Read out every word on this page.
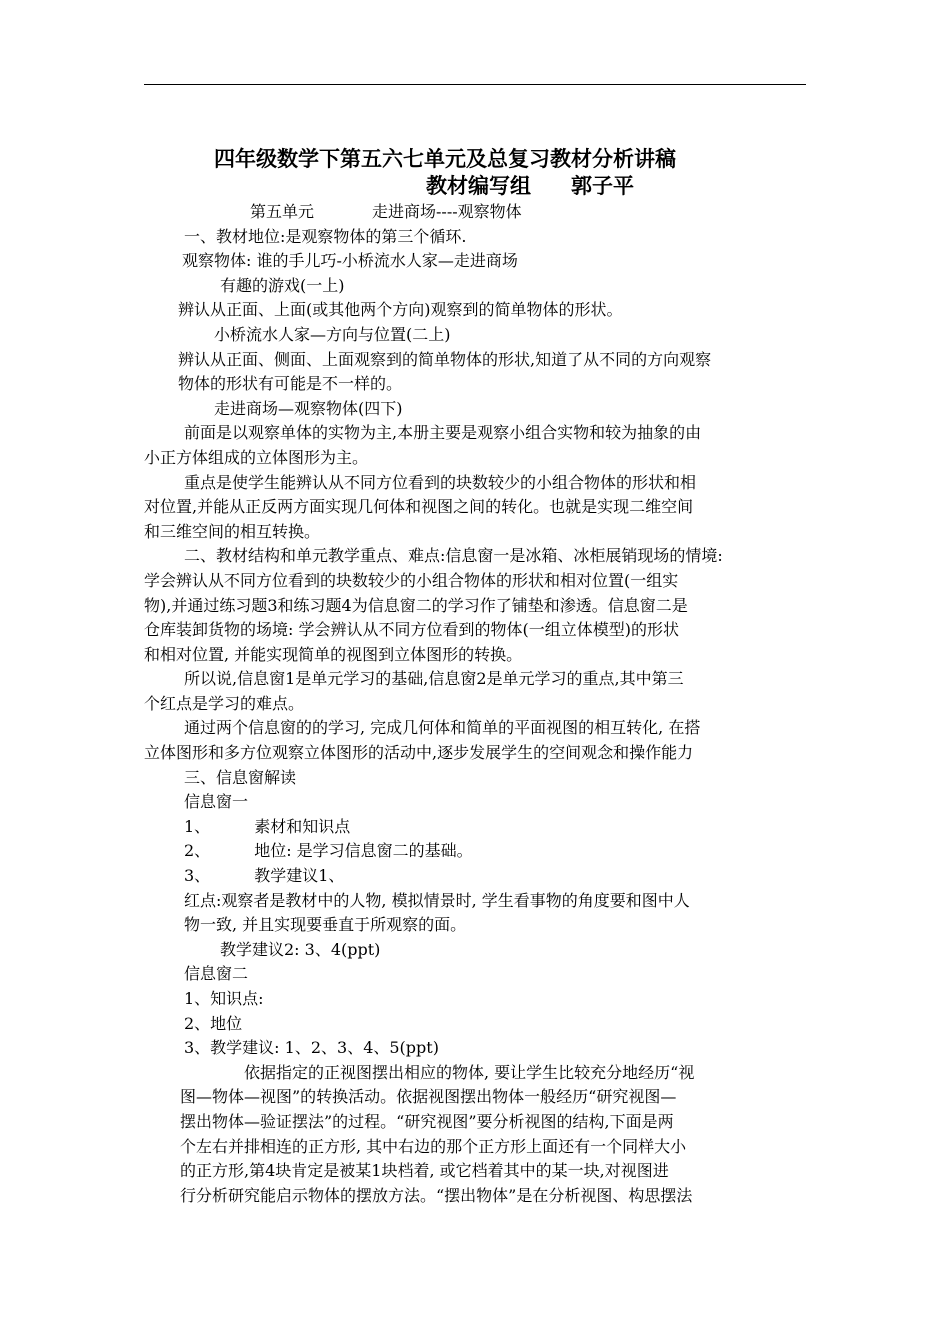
四年级数学下第五六七单元及总复习教材分析讲稿

教材编写组 郭子平

第五单元	走进商场----观察物体

一、教材地位:是观察物体的第三个循环.

观察物体: 谁的手儿巧-小桥流水人家—走进商场

有趣的游戏(一上)

辨认从正面、上面(或其他两个方向)观察到的简单物体的形状。

小桥流水人家—方向与位置(二上)

辨认从正面、侧面、上面观察到的简单物体的形状,知道了从不同的方向观察

物体的形状有可能是不一样的。

走进商场—观察物体(四下)

前面是以观察单体的实物为主,本册主要是观察小组合实物和较为抽象的由

小正方体组成的立体图形为主。

重点是使学生能辨认从不同方位看到的块数较少的小组合物体的形状和相

对位置,并能从正反两方面实现几何体和视图之间的转化。也就是实现二维空间

和三维空间的相互转换。

二、教材结构和单元教学重点、难点:信息窗一是冰箱、冰柜展销现场的情境:

学会辨认从不同方位看到的块数较少的小组合物体的形状和相对位置(一组实

物),并通过练习题3和练习题4为信息窗二的学习作了铺垫和渗透。信息窗二是

仓库装卸货物的场境: 学会辨认从不同方位看到的物体(一组立体模型)的形状

和相对位置, 并能实现简单的视图到立体图形的转换。

所以说,信息窗1是单元学习的基础,信息窗2是单元学习的重点,其中第三

个红点是学习的难点。

通过两个信息窗的的学习, 完成几何体和简单的平面视图的相互转化, 在搭

立体图形和多方位观察立体图形的活动中,逐步发展学生的空间观念和操作能力

三、信息窗解读

信息窗一

1、	素材和知识点

2、	地位: 是学习信息窗二的基础。

3、	教学建议1、

红点:观察者是教材中的人物, 模拟情景时, 学生看事物的角度要和图中人

物一致, 并且实现要垂直于所观察的面。

教学建议2: 3、4(ppt)

信息窗二

1、知识点:

2、地位

3、教学建议: 1、2、3、4、5(ppt)

依据指定的正视图摆出相应的物体, 要让学生比较充分地经历“视

图—物体—视图”的转换活动。依据视图摆出物体一般经历“研究视图—

摆出物体—验证摆法”的过程。“研究视图”要分析视图的结构,下面是两

个左右并排相连的正方形, 其中右边的那个正方形上面还有一个同样大小

的正方形,第4块肯定是被某1块档着, 或它档着其中的某一块,对视图进

行分析研究能启示物体的摆放方法。“摆出物体”是在分析视图、构思摆法
